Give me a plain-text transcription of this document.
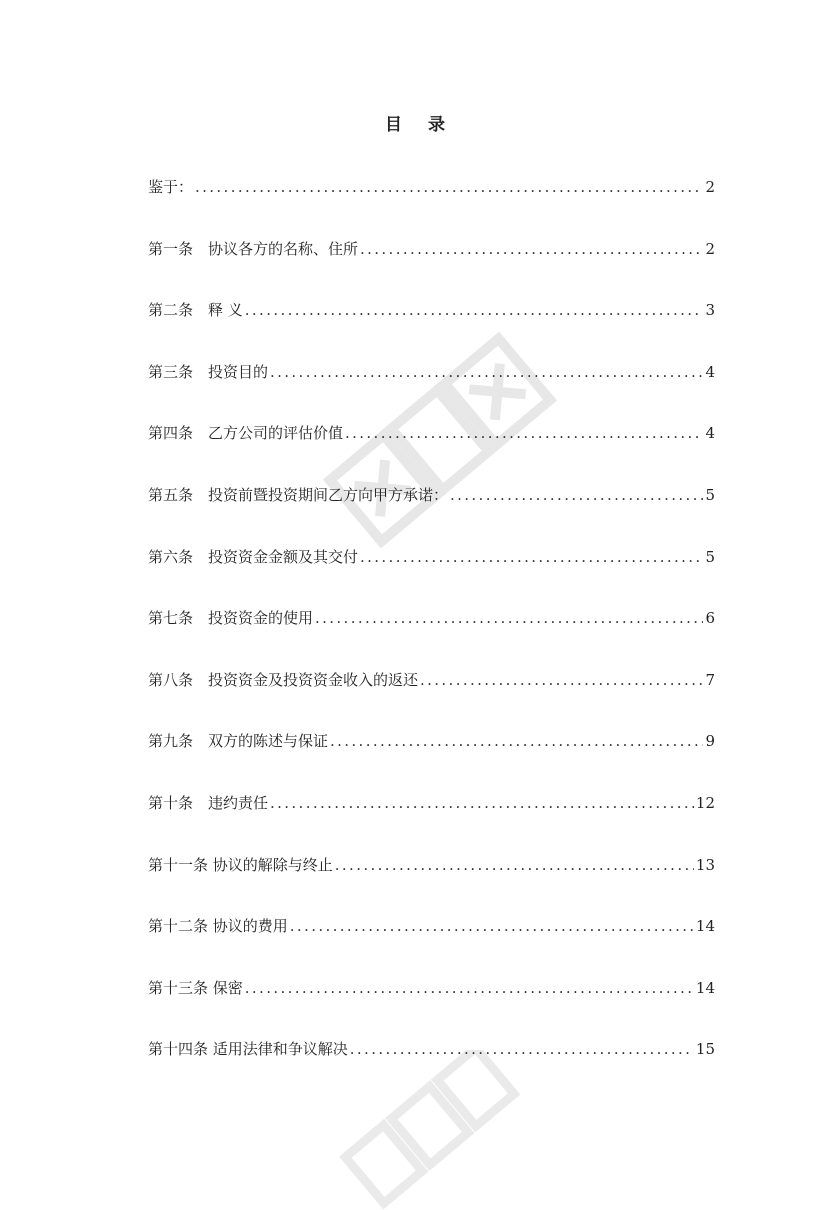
目 录
鉴于： . . .	2
第一条　协议各方的名称、住所 . . .	2
第二条　释 义 . . .	3
第三条　投资目的 . . .	4
第四条　乙方公司的评估价值 . . .	4
第五条　投资前暨投资期间乙方向甲方承诺： . . .	5
第六条　投资资金金额及其交付 . . .	5
第七条　投资资金的使用 . . .	6
第八条　投资资金及投资资金收入的返还 . . .	7
第九条　双方的陈述与保证 . . .	9
第十条　违约责任 . . .	12
第十一条 协议的解除与终止 . . .	13
第十二条 协议的费用 . . .	14
第十三条 保密 . . .	14
第十四条 适用法律和争议解决 . . .	15
